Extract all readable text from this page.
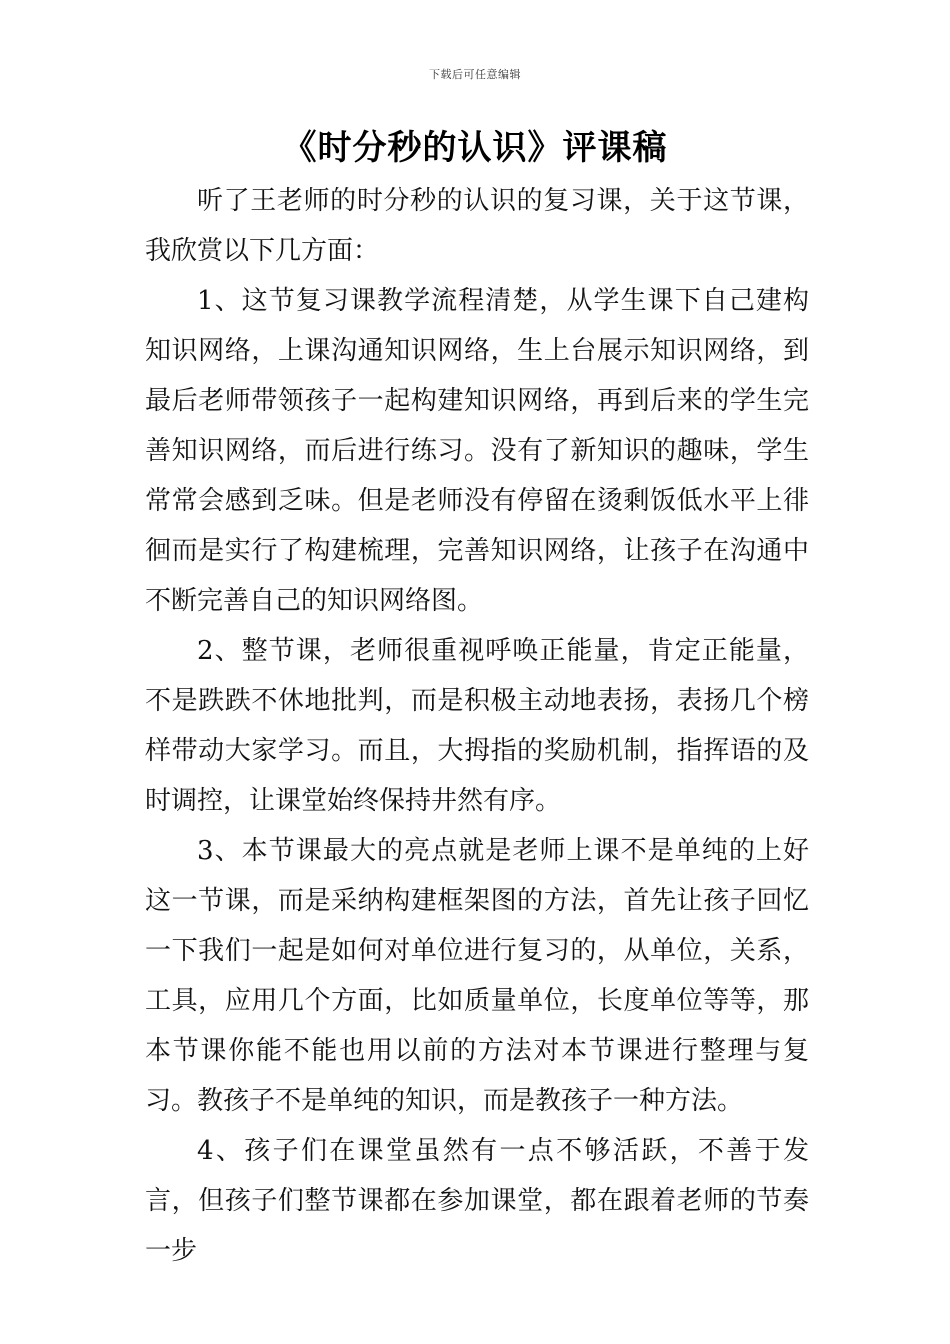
下载后可任意编辑
《时分秒的认识》评课稿

听了王老师的时分秒的认识的复习课，关于这节课，我欣赏以下几方面：

1、这节复习课教学流程清楚，从学生课下自己建构知识网络，上课沟通知识网络，生上台展示知识网络，到最后老师带领孩子一起构建知识网络，再到后来的学生完善知识网络，而后进行练习。没有了新知识的趣味，学生常常会感到乏味。但是老师没有停留在烫剩饭低水平上徘徊而是实行了构建梳理，完善知识网络，让孩子在沟通中不断完善自己的知识网络图。

2、整节课，老师很重视呼唤正能量，肯定正能量，不是跌跌不休地批判，而是积极主动地表扬，表扬几个榜样带动大家学习。而且，大拇指的奖励机制，指挥语的及时调控，让课堂始终保持井然有序。

3、本节课最大的亮点就是老师上课不是单纯的上好这一节课，而是采纳构建框架图的方法，首先让孩子回忆一下我们一起是如何对单位进行复习的，从单位，关系，工具，应用几个方面，比如质量单位，长度单位等等，那本节课你能不能也用以前的方法对本节课进行整理与复习。教孩子不是单纯的知识，而是教孩子一种方法。

4、孩子们在课堂虽然有一点不够活跃，不善于发言，但孩子们整节课都在参加课堂，都在跟着老师的节奏一步
